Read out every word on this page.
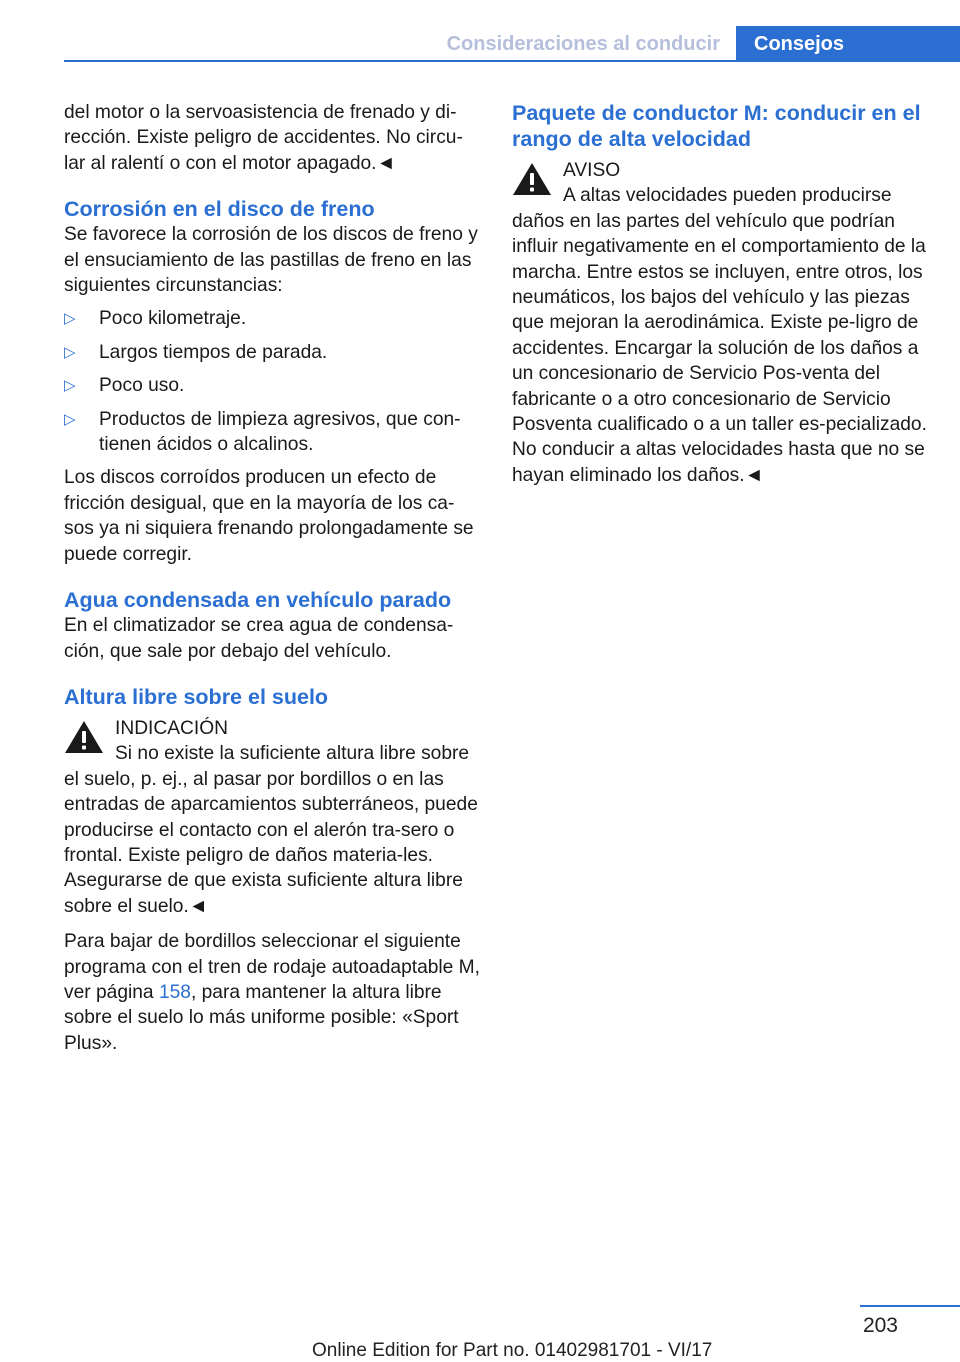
Consideraciones al conducir	Consejos

del motor o la servoasistencia de frenado y di-rección. Existe peligro de accidentes. No circu-lar al ralentí o con el motor apagado.◄

Corrosión en el disco de freno

Se favorece la corrosión de los discos de freno y el ensuciamiento de las pastillas de freno en las siguientes circunstancias:

▷ Poco kilometraje.
▷ Largos tiempos de parada.
▷ Poco uso.
▷ Productos de limpieza agresivos, que con-tienen ácidos o alcalinos.

Los discos corroídos producen un efecto de fricción desigual, que en la mayoría de los ca-sos ya ni siquiera frenando prolongadamente se puede corregir.

Agua condensada en vehículo parado

En el climatizador se crea agua de condensa-ción, que sale por debajo del vehículo.

Altura libre sobre el suelo
INDICACIÓN
Si no existe la suficiente altura libre sobre
el suelo, p. ej., al pasar por bordillos o en las entradas de aparcamientos subterráneos, puede producirse el contacto con el alerón tra-sero o frontal. Existe peligro de daños materia-les. Asegurarse de que exista suficiente altura libre sobre el suelo.◄

Para bajar de bordillos seleccionar el siguiente programa con el tren de rodaje autoadaptable M, ver página 158, para mantener la altura libre sobre el suelo lo más uniforme posible: «Sport Plus».

Paquete de conductor M: conducir en el rango de alta velocidad
AVISO
A altas velocidades pueden producirse
daños en las partes del vehículo que podrían influir negativamente en el comportamiento de la marcha. Entre estos se incluyen, entre otros, los neumáticos, los bajos del vehículo y las piezas que mejoran la aerodinámica. Existe pe-ligro de accidentes. Encargar la solución de los daños a un concesionario de Servicio Pos-venta del fabricante o a otro concesionario de Servicio Posventa cualificado o a un taller es-pecializado. No conducir a altas velocidades hasta que no se hayan eliminado los daños.◄
203
Online Edition for Part no. 01402981701 - VI/17
